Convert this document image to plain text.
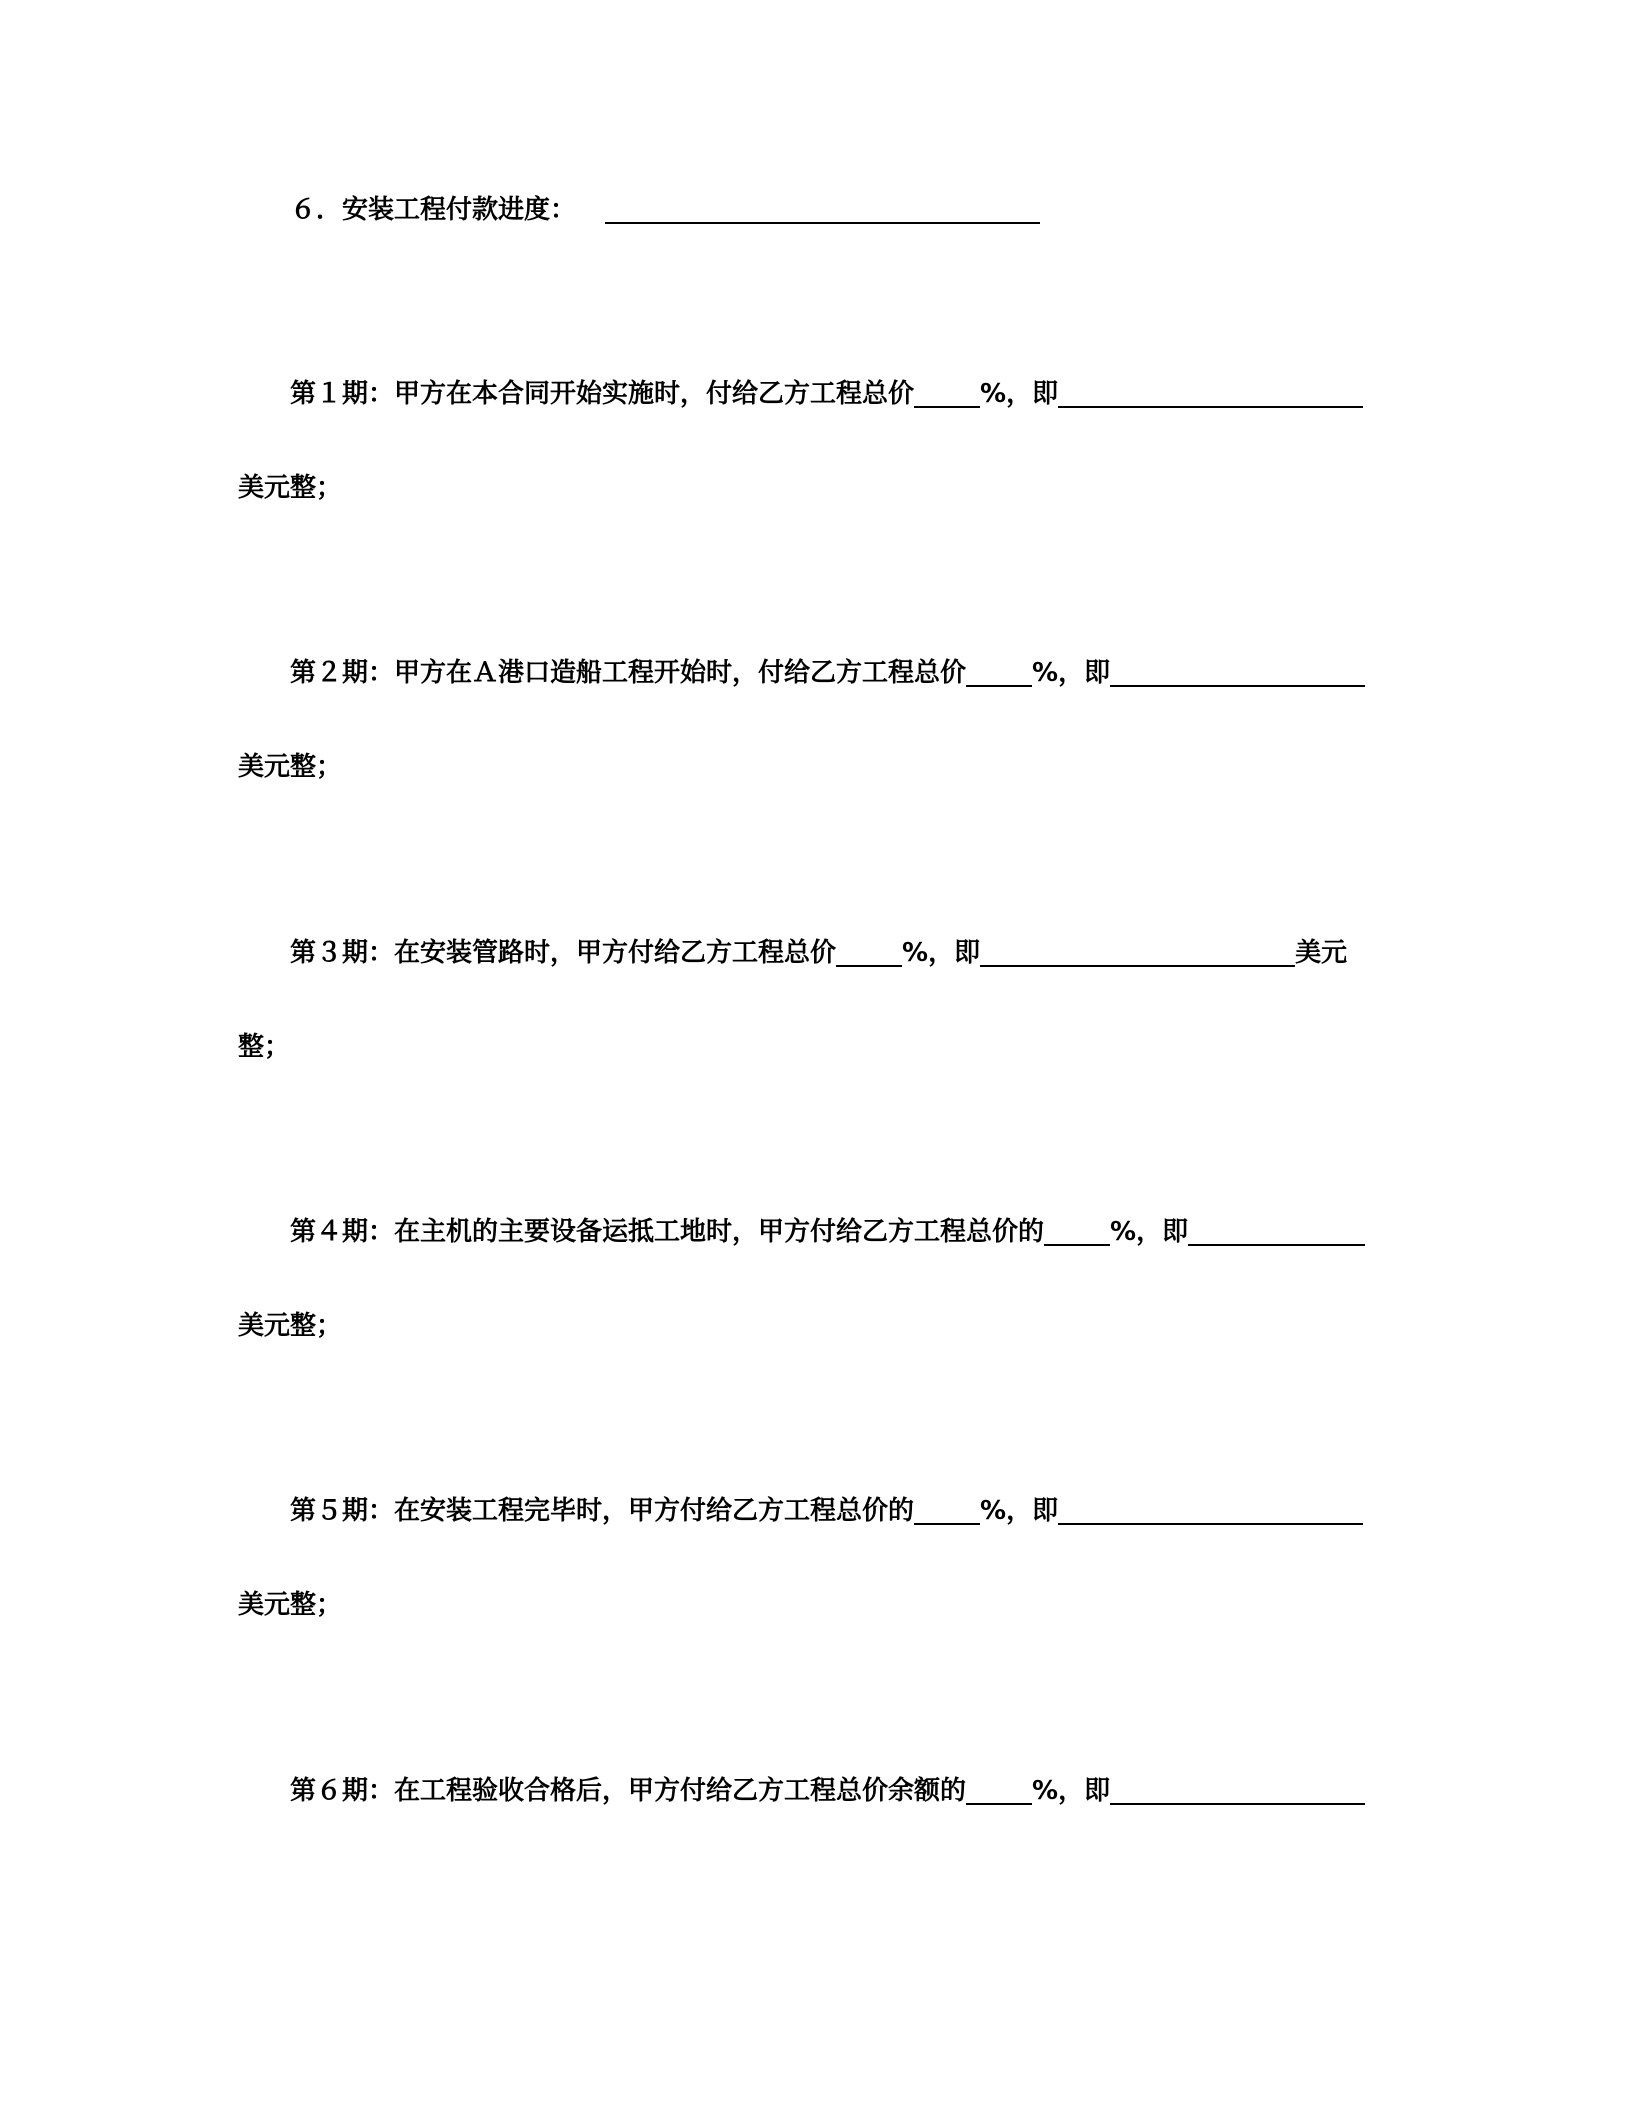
６．安装工程付款进度：
第１期：甲方在本合同开始实施时，付给乙方工程总价	%，即
美元整；
第２期：甲方在Ａ港口造船工程开始时，付给乙方工程总价	%，即
美元整；
第３期：在安装管路时，甲方付给乙方工程总价	%，即	美元
整；
第４期：在主机的主要设备运抵工地时，甲方付给乙方工程总价的	%，即
美元整；
第５期：在安装工程完毕时，甲方付给乙方工程总价的	%，即
美元整；
第６期：在工程验收合格后，甲方付给乙方工程总价余额的	%，即
